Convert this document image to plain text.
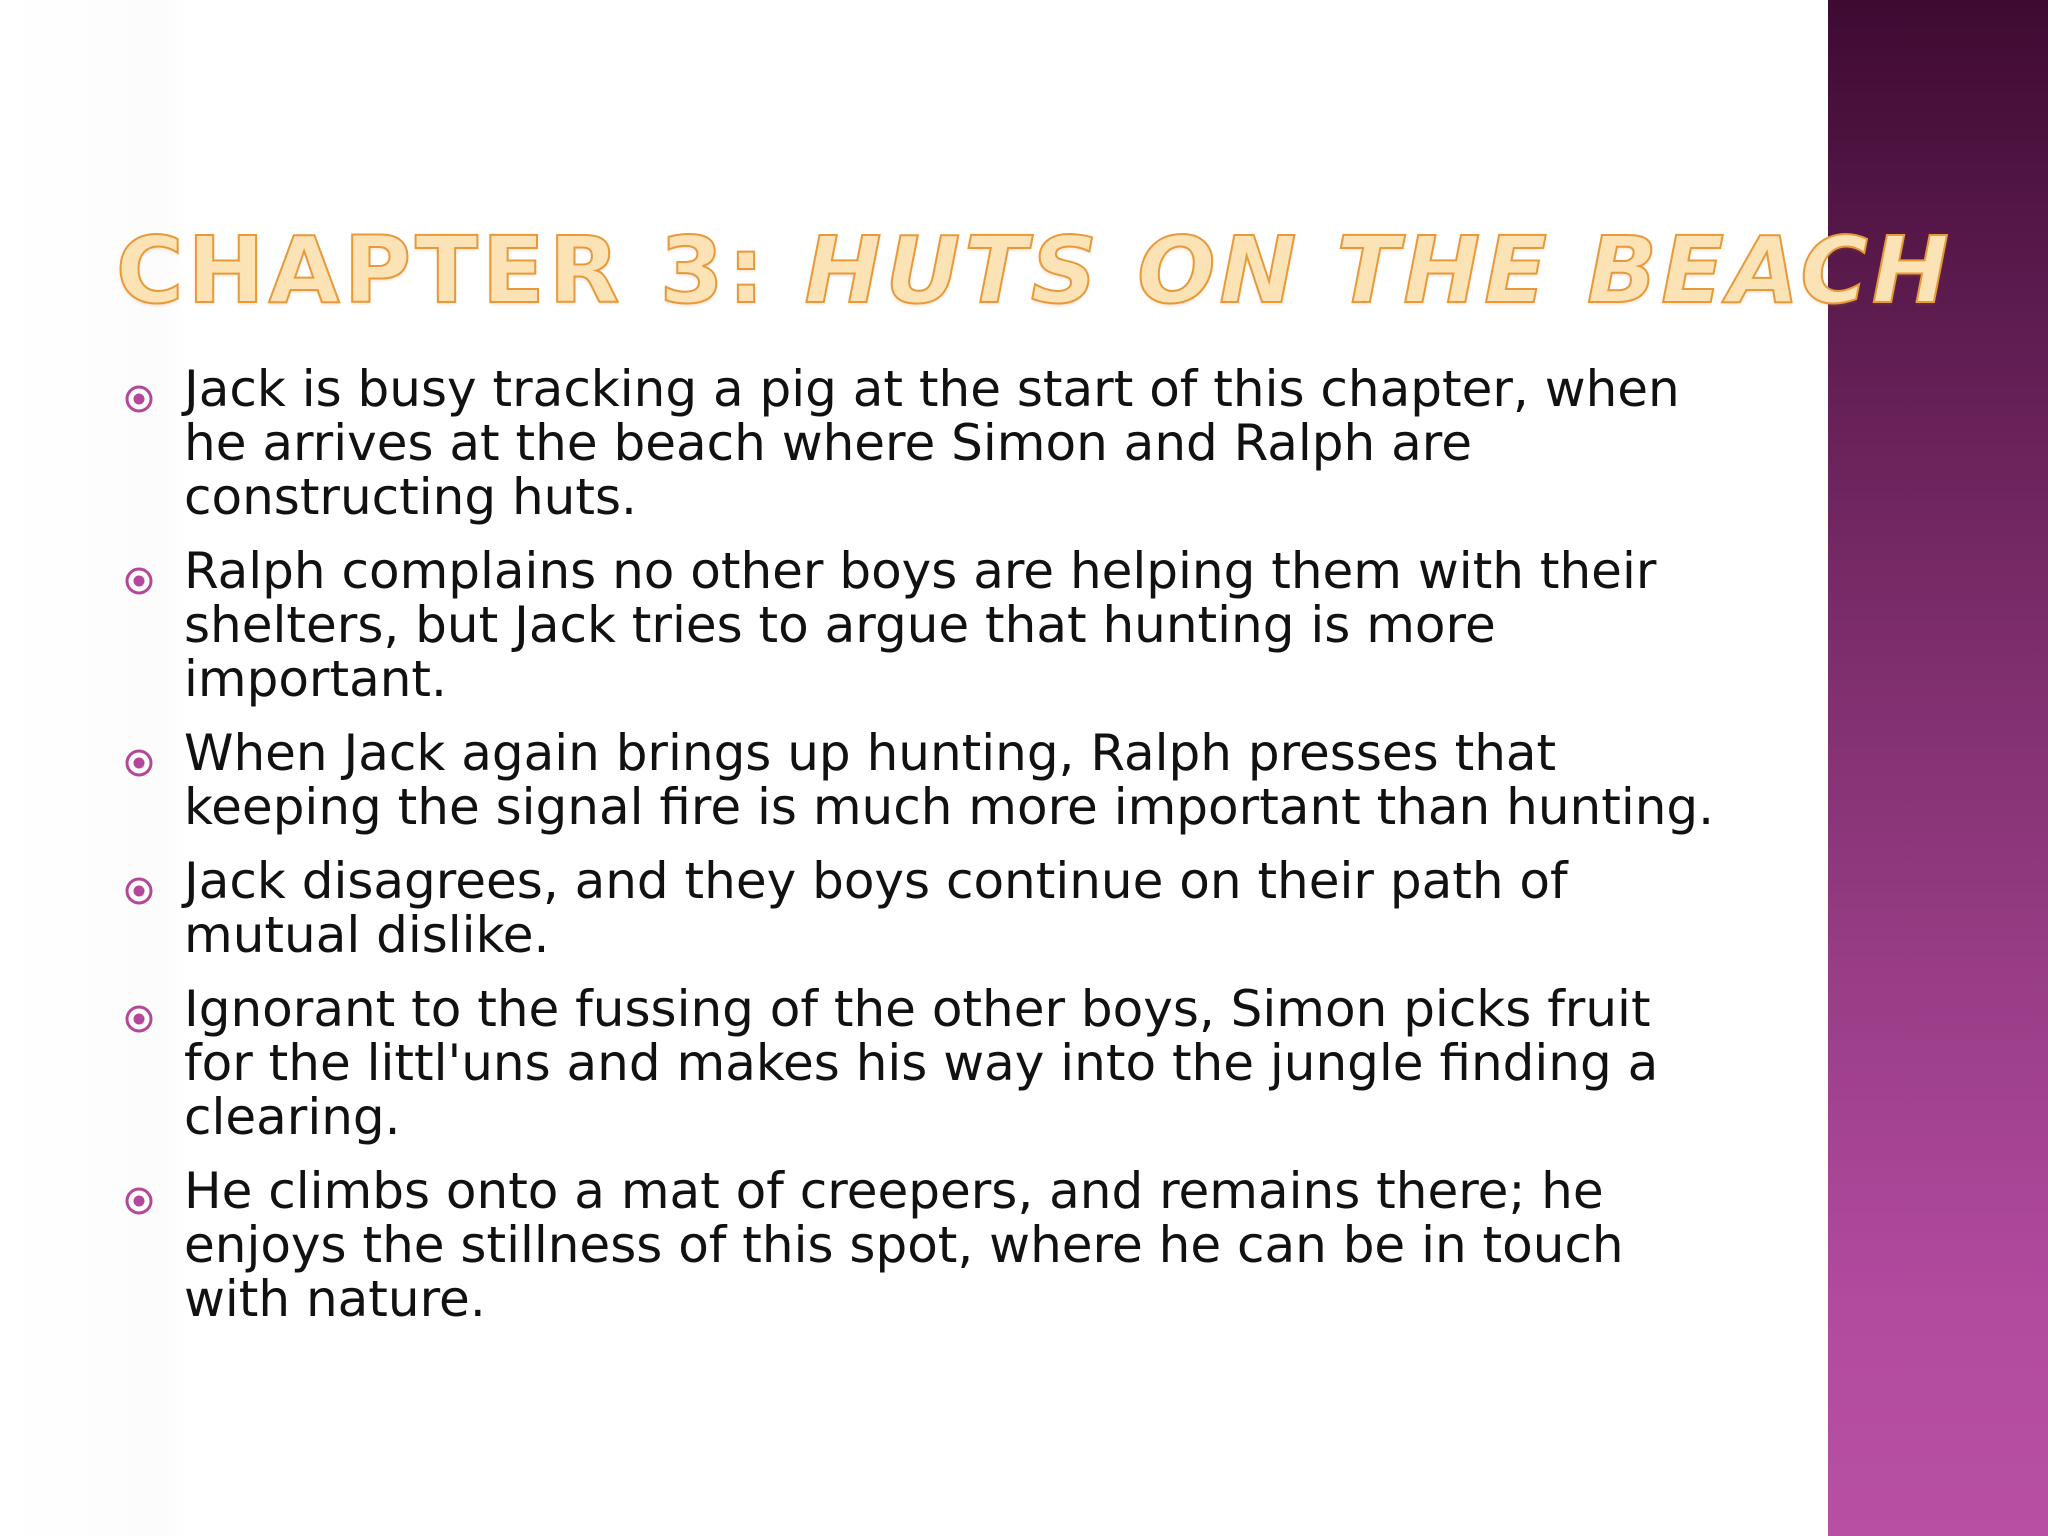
CHAPTER 3: HUTS ON THE BEACH
Jack is busy tracking a pig at the start of this chapter, when he arrives at the beach where Simon and Ralph are constructing huts.
Ralph complains no other boys are helping them with their shelters, but Jack tries to argue that hunting is more important.
When Jack again brings up hunting, Ralph presses that keeping the signal fire is much more important than hunting.
Jack disagrees, and they boys continue on their path of mutual dislike.
Ignorant to the fussing of the other boys, Simon picks fruit for the littl'uns and makes his way into the jungle finding a clearing.
He climbs onto a mat of creepers, and remains there; he enjoys the stillness of this spot, where he can be in touch with nature.
